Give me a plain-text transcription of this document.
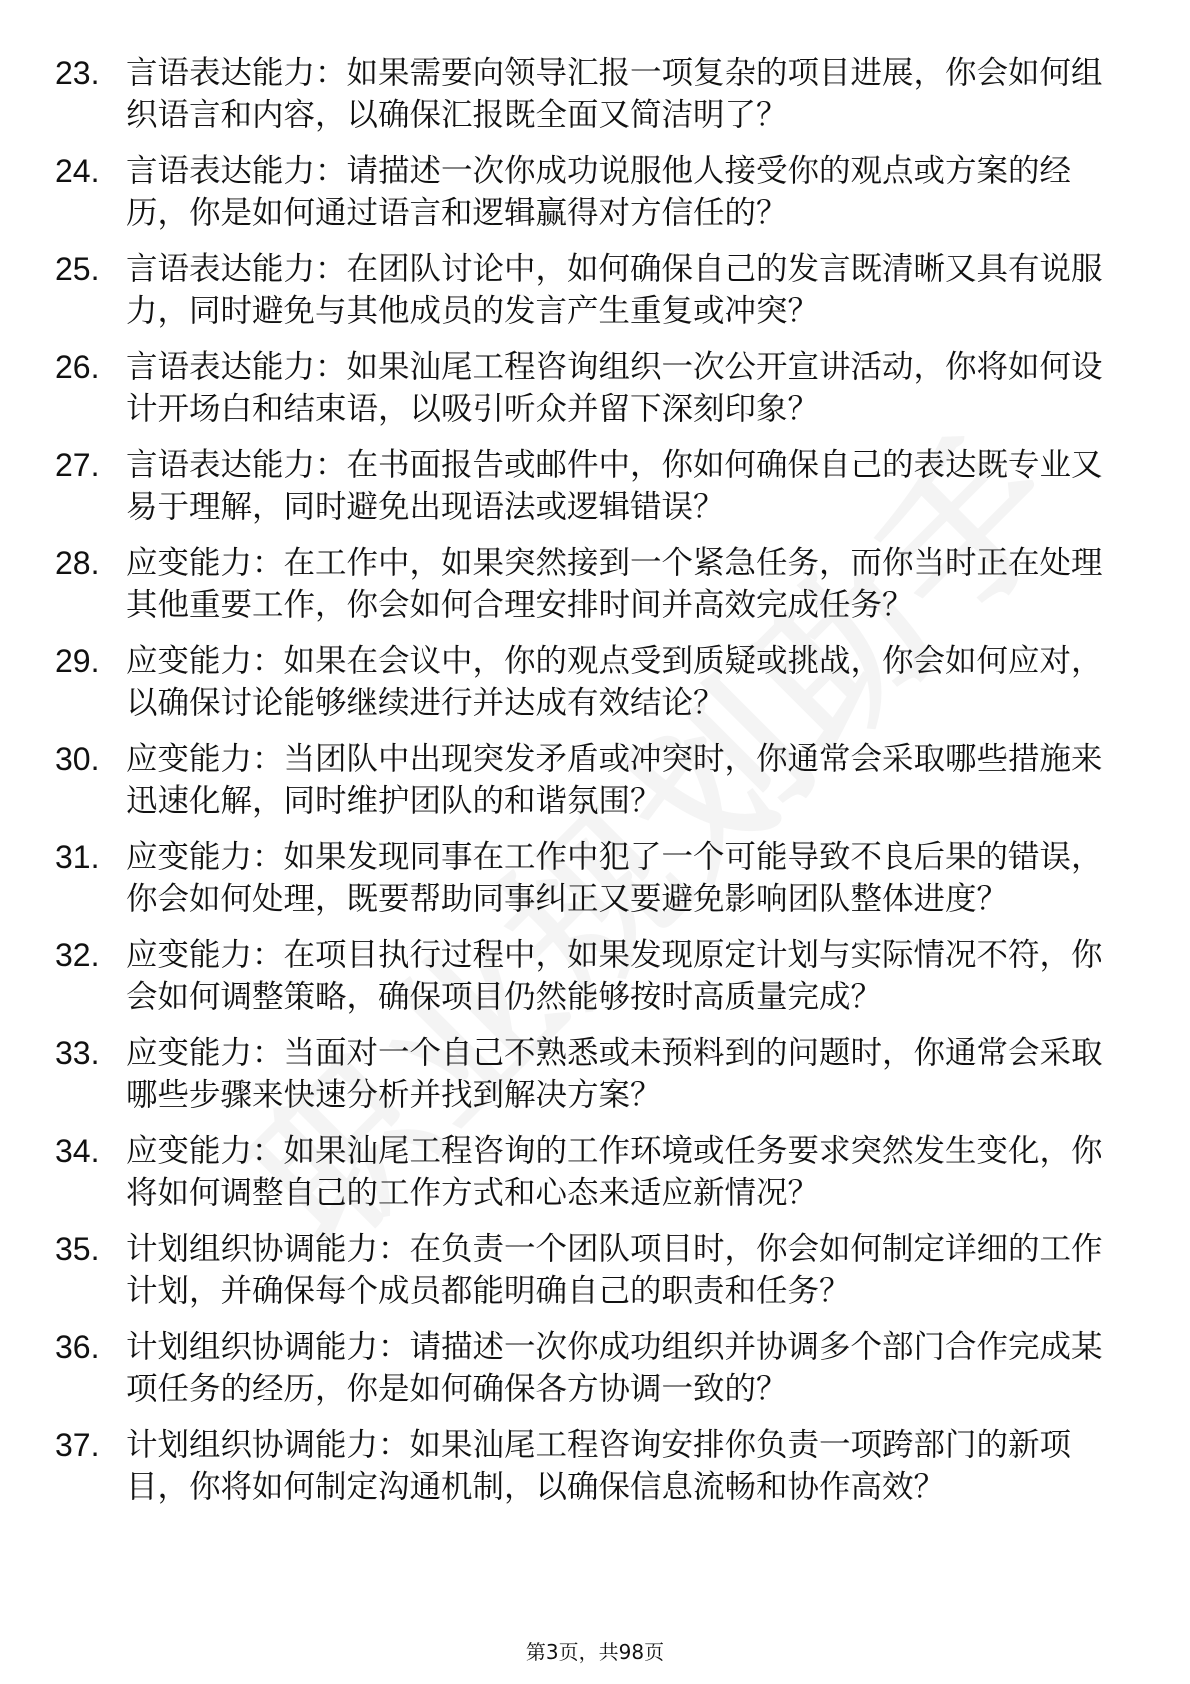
23. 言语表达能力：如果需要向领导汇报一项复杂的项目进展，你会如何组织语言和内容，以确保汇报既全面又简洁明了？
24. 言语表达能力：请描述一次你成功说服他人接受你的观点或方案的经历，你是如何通过语言和逻辑赢得对方信任的？
25. 言语表达能力：在团队讨论中，如何确保自己的发言既清晰又具有说服力，同时避免与其他成员的发言产生重复或冲突？
26. 言语表达能力：如果汕尾工程咨询组织一次公开宣讲活动，你将如何设计开场白和结束语，以吸引听众并留下深刻印象？
27. 言语表达能力：在书面报告或邮件中，你如何确保自己的表达既专业又易于理解，同时避免出现语法或逻辑错误？
28. 应变能力：在工作中，如果突然接到一个紧急任务，而你当时正在处理其他重要工作，你会如何合理安排时间并高效完成任务？
29. 应变能力：如果在会议中，你的观点受到质疑或挑战，你会如何应对，以确保讨论能够继续进行并达成有效结论？
30. 应变能力：当团队中出现突发矛盾或冲突时，你通常会采取哪些措施来迅速化解，同时维护团队的和谐氛围？
31. 应变能力：如果发现同事在工作中犯了一个可能导致不良后果的错误，你会如何处理，既要帮助同事纠正又要避免影响团队整体进度？
32. 应变能力：在项目执行过程中，如果发现原定计划与实际情况不符，你会如何调整策略，确保项目仍然能够按时高质量完成？
33. 应变能力：当面对一个自己不熟悉或未预料到的问题时，你通常会采取哪些步骤来快速分析并找到解决方案？
34. 应变能力：如果汕尾工程咨询的工作环境或任务要求突然发生变化，你将如何调整自己的工作方式和心态来适应新情况？
35. 计划组织协调能力：在负责一个团队项目时，你会如何制定详细的工作计划，并确保每个成员都能明确自己的职责和任务？
36. 计划组织协调能力：请描述一次你成功组织并协调多个部门合作完成某项任务的经历，你是如何确保各方协调一致的？
37. 计划组织协调能力：如果汕尾工程咨询安排你负责一项跨部门的新项目，你将如何制定沟通机制，以确保信息流畅和协作高效？
第3页，共98页
